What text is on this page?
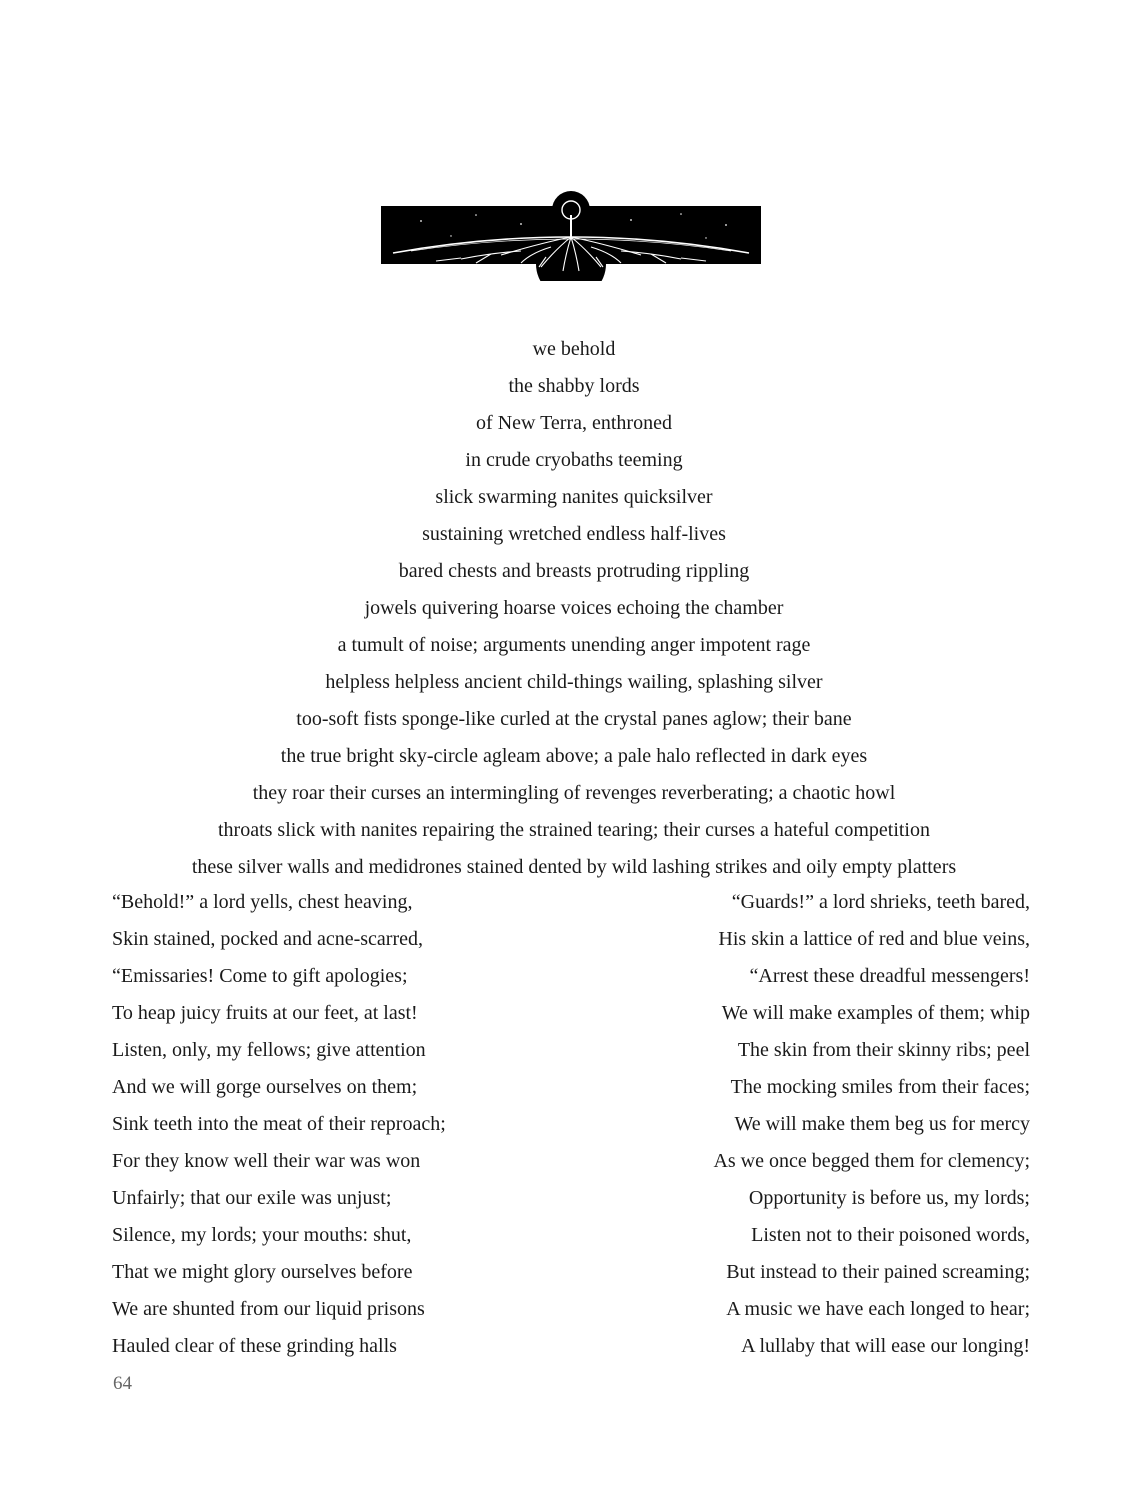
we behold
the shabby lords
of New Terra, enthroned
in crude cryobaths teeming
slick swarming nanites quicksilver
sustaining wretched endless half-lives
bared chests and breasts protruding rippling
jowels quivering hoarse voices echoing the chamber
a tumult of noise; arguments unending anger impotent rage
helpless helpless ancient child-things wailing, splashing silver
too-soft fists sponge-like curled at the crystal panes aglow; their bane
the true bright sky-circle agleam above; a pale halo reflected in dark eyes
they roar their curses an intermingling of revenges reverberating; a chaotic howl
throats slick with nanites repairing the strained tearing; their curses a hateful competition
these silver walls and medidrones stained dented by wild lashing strikes and oily empty platters
“Behold!” a lord yells, chest heaving,
Skin stained, pocked and acne-scarred,
“Emissaries! Come to gift apologies;
To heap juicy fruits at our feet, at last!
Listen, only, my fellows; give attention
And we will gorge ourselves on them;
Sink teeth into the meat of their reproach;
For they know well their war was won
Unfairly; that our exile was unjust;
Silence, my lords; your mouths: shut,
That we might glory ourselves before
We are shunted from our liquid prisons
Hauled clear of these grinding halls
“Guards!” a lord shrieks, teeth bared,
His skin a lattice of red and blue veins,
“Arrest these dreadful messengers!
We will make examples of them; whip
The skin from their skinny ribs; peel
The mocking smiles from their faces;
We will make them beg us for mercy
As we once begged them for clemency;
Opportunity is before us, my lords;
Listen not to their poisoned words,
But instead to their pained screaming;
A music we have each longed to hear;
A lullaby that will ease our longing!
64
